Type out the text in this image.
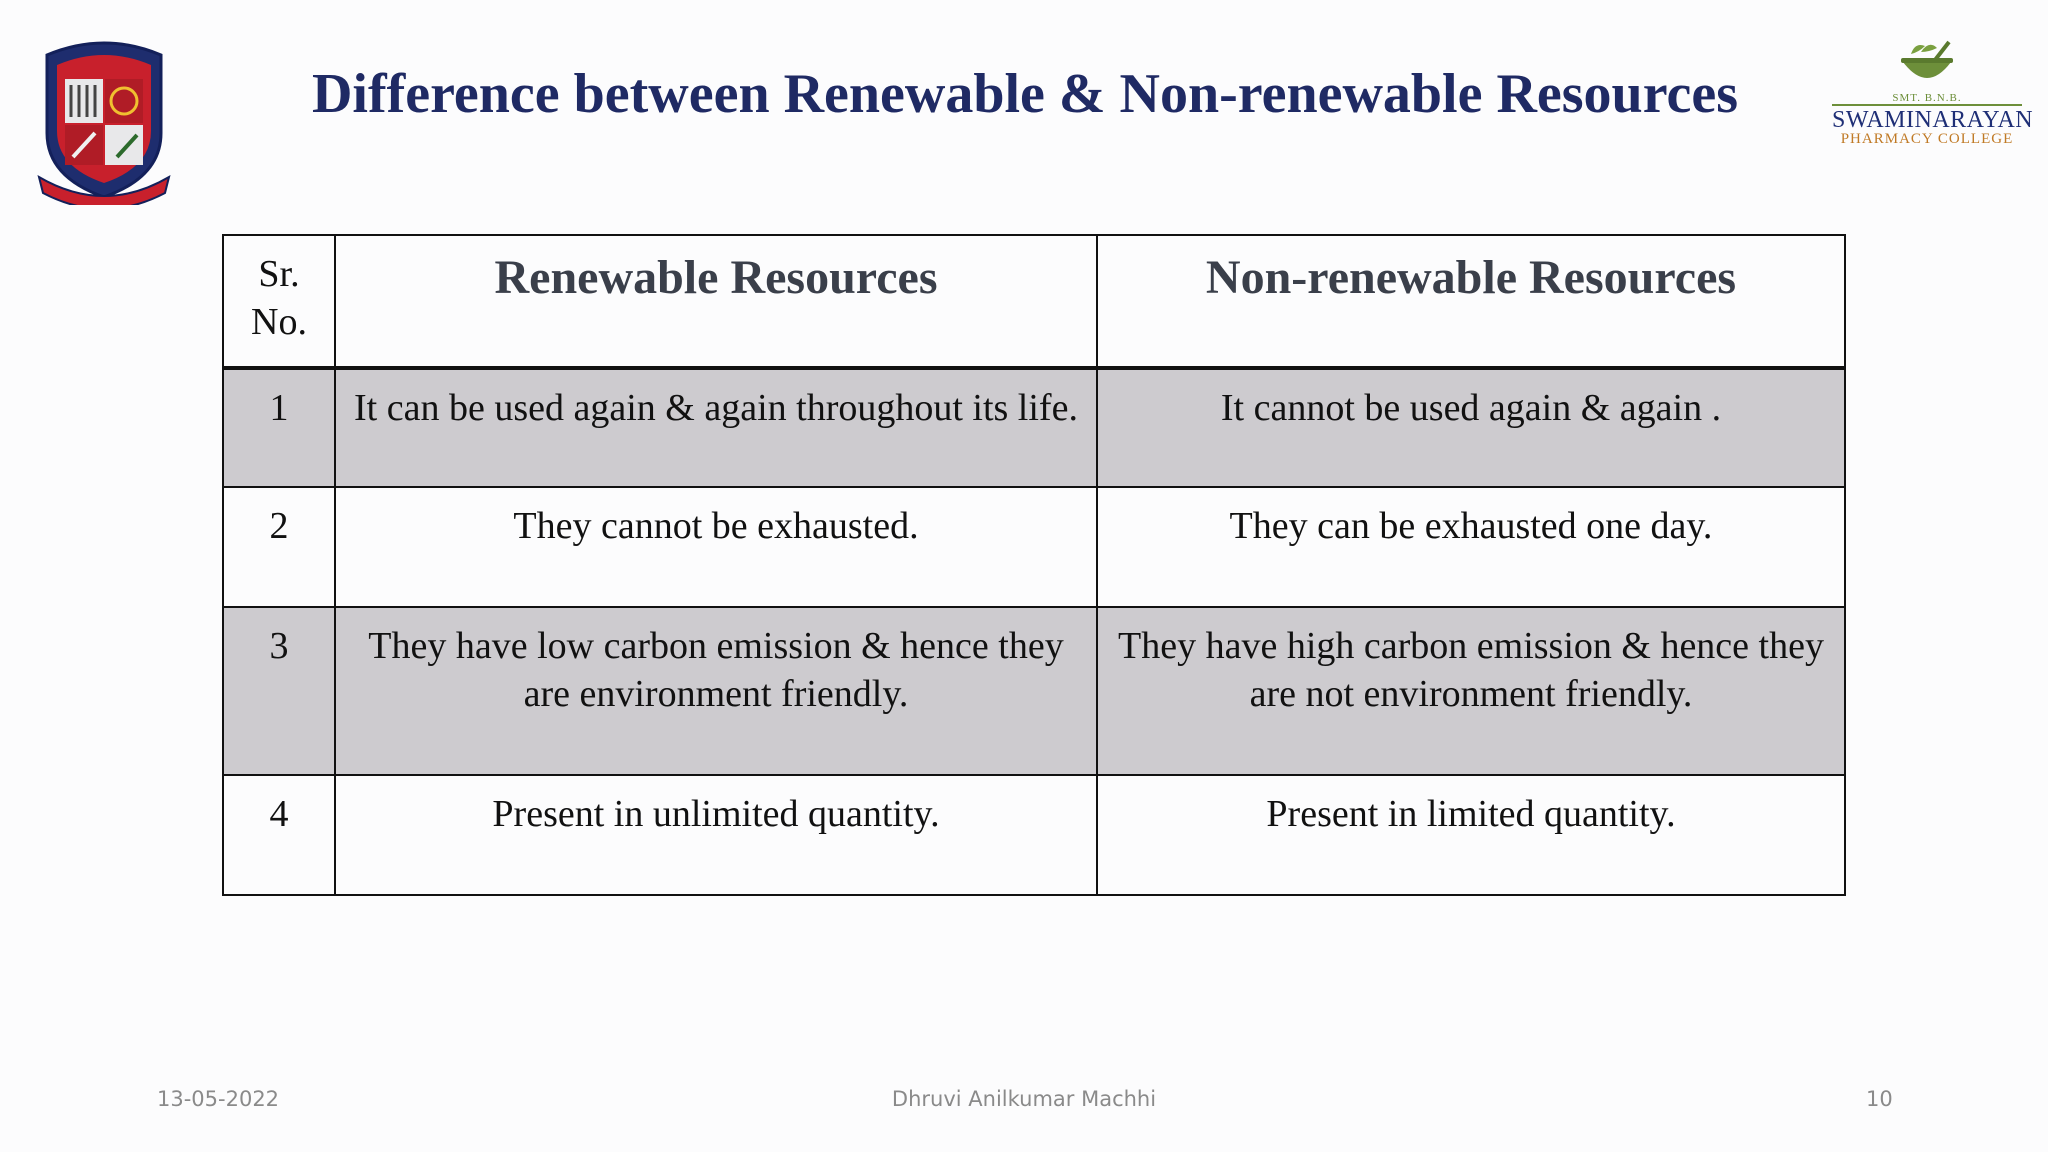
Difference between Renewable & Non-renewable Resources	SMT. B.N.B.
SWAMINARAYAN
PHARMACY COLLEGE
Sr.
No.	Renewable Resources	Non-renewable Resources
1	It can be used again & again throughout its life.	It cannot be used again & again .
2	They cannot be exhausted.	They can be exhausted one day.
3	They have low carbon emission & hence they are environment friendly.	They have high carbon emission & hence they are not environment friendly.
4	Present in unlimited quantity.	Present in limited quantity.
13-05-2022	Dhruvi Anilkumar Machhi	10
